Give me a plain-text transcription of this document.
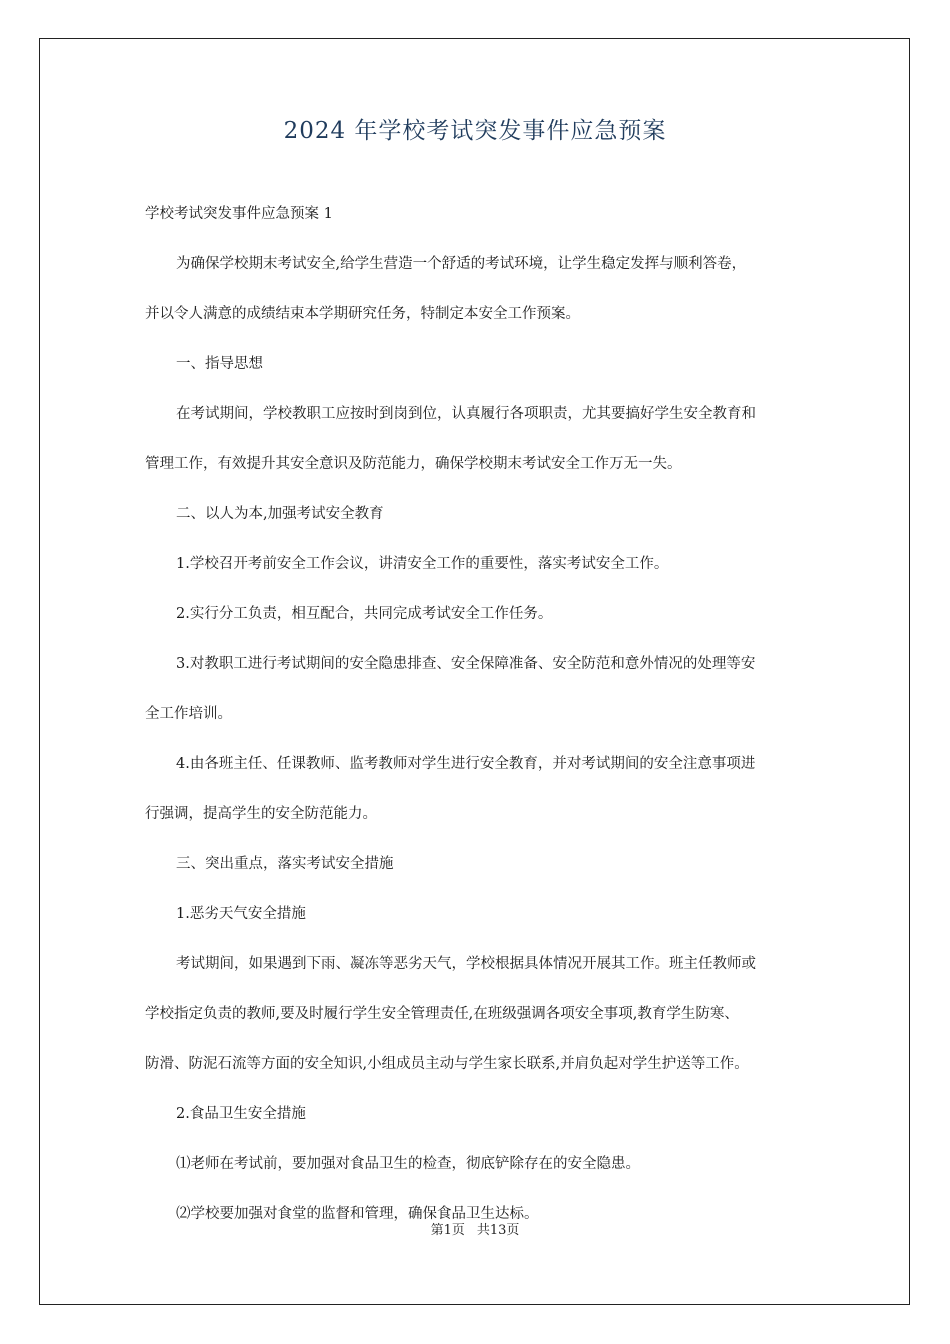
2024 年学校考试突发事件应急预案
学校考试突发事件应急预案 1
为确保学校期末考试安全,给学生营造一个舒适的考试环境，让学生稳定发挥与顺利答卷，
并以令人满意的成绩结束本学期研究任务，特制定本安全工作预案。
一、指导思想
在考试期间，学校教职工应按时到岗到位，认真履行各项职责，尤其要搞好学生安全教育和
管理工作，有效提升其安全意识及防范能力，确保学校期末考试安全工作万无一失。
二、以人为本,加强考试安全教育
1.学校召开考前安全工作会议，讲清安全工作的重要性，落实考试安全工作。
2.实行分工负责，相互配合，共同完成考试安全工作任务。
3.对教职工进行考试期间的安全隐患排查、安全保障准备、安全防范和意外情况的处理等安
全工作培训。
4.由各班主任、任课教师、监考教师对学生进行安全教育，并对考试期间的安全注意事项进
行强调，提高学生的安全防范能力。
三、突出重点，落实考试安全措施
1.恶劣天气安全措施
考试期间，如果遇到下雨、凝冻等恶劣天气，学校根据具体情况开展其工作。班主任教师或
学校指定负责的教师,要及时履行学生安全管理责任,在班级强调各项安全事项,教育学生防寒、
防滑、防泥石流等方面的安全知识,小组成员主动与学生家长联系,并肩负起对学生护送等工作。
2.食品卫生安全措施
⑴老师在考试前，要加强对食品卫生的检查，彻底铲除存在的安全隐患。
⑵学校要加强对食堂的监督和管理，确保食品卫生达标。
第1页 共13页
